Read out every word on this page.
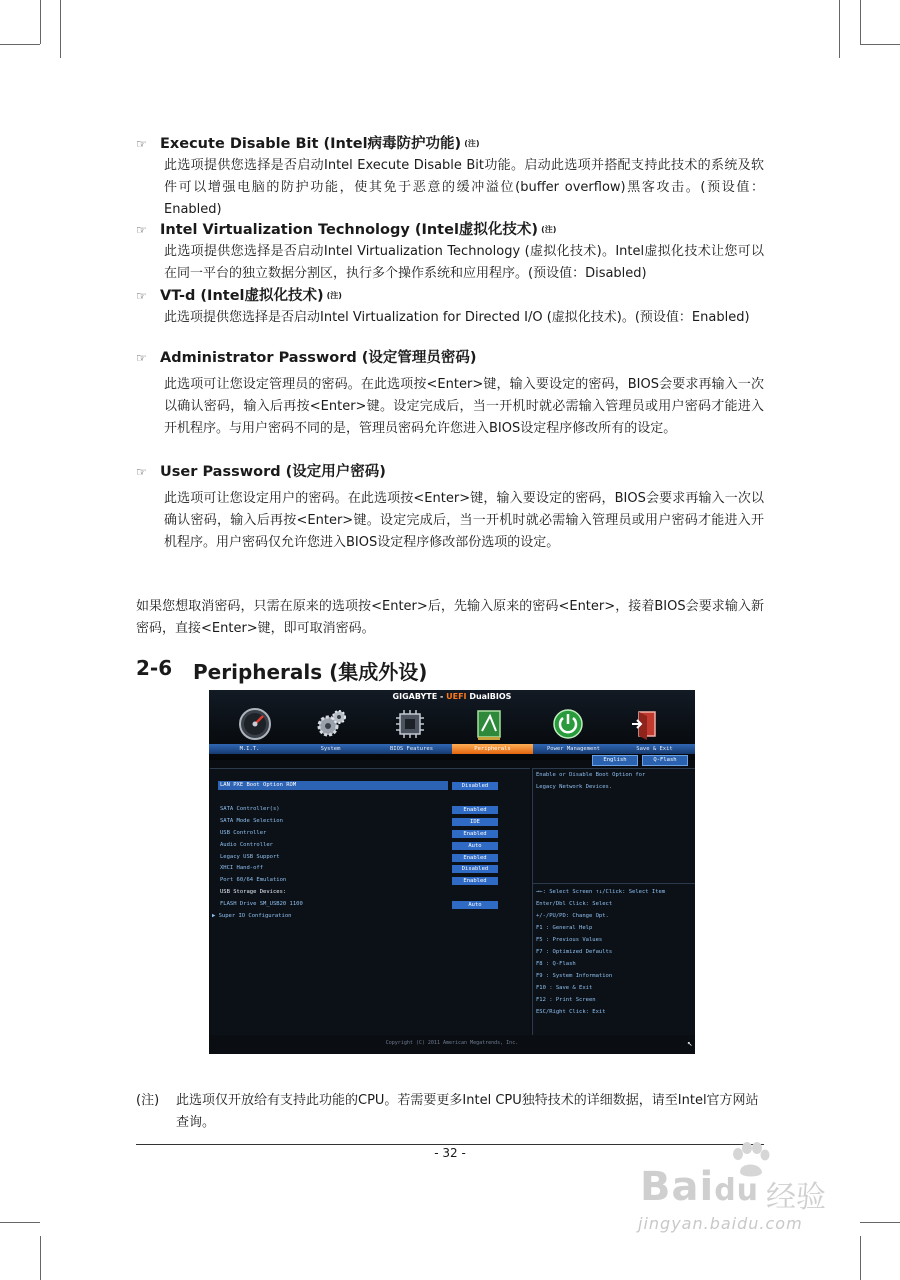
☞ Execute Disable Bit (Intel病毒防护功能) (注)
此选项提供您选择是否启动Intel Execute Disable Bit功能。启动此选项并搭配支持此技术的系统及软件可以增强电脑的防护功能，使其免于恶意的缓冲溢位(buffer overflow)黑客攻击。(预设值：Enabled)
☞ Intel Virtualization Technology (Intel虚拟化技术) (注)
此选项提供您选择是否启动Intel Virtualization Technology (虚拟化技术)。Intel虚拟化技术让您可以在同一平台的独立数据分割区，执行多个操作系统和应用程序。(预设值：Disabled)
☞ VT-d (Intel虚拟化技术) (注)
此选项提供您选择是否启动Intel Virtualization for Directed I/O (虚拟化技术)。(预设值：Enabled)
☞ Administrator Password (设定管理员密码)
此选项可让您设定管理员的密码。在此选项按<Enter>键，输入要设定的密码，BIOS会要求再输入一次以确认密码，输入后再按<Enter>键。设定完成后，当一开机时就必需输入管理员或用户密码才能进入开机程序。与用户密码不同的是，管理员密码允许您进入BIOS设定程序修改所有的设定。
☞ User Password (设定用户密码)
此选项可让您设定用户的密码。在此选项按<Enter>键，输入要设定的密码，BIOS会要求再输入一次以确认密码，输入后再按<Enter>键。设定完成后，当一开机时就必需输入管理员或用户密码才能进入开机程序。用户密码仅允许您进入BIOS设定程序修改部份选项的设定。
如果您想取消密码，只需在原来的选项按<Enter>后，先输入原来的密码<Enter>，接着BIOS会要求输入新密码，直接<Enter>键，即可取消密码。
2-6	Peripherals (集成外设)
GIGABYTE - UEFI DualBIOS
M.I.T.	System	BIOS Features	Peripherals	Power Management	Save & Exit
English	Q-Flash
LAN PXE Boot Option ROM	Disabled
SATA Controller(s)	Enabled
SATA Mode Selection	IDE
USB Controller	Enabled
Audio Controller	Auto
Legacy USB Support	Enabled
XHCI Hand-off	Disabled
Port 60/64 Emulation	Enabled
USB Storage Devices:
FLASH Drive SM_USB20 1100	Auto
▶ Super IO Configuration
Enable or Disable Boot Option for
Legacy Network Devices.
→←: Select Screen ↑↓/Click: Select Item
Enter/Dbl Click: Select
+/-/PU/PD: Change Opt.
F1 : General Help
F5 : Previous Values
F7 : Optimized Defaults
F8 : Q-Flash
F9 : System Information
F10 : Save & Exit
F12 : Print Screen
ESC/Right Click: Exit
Copyright (C) 2011 American Megatrends, Inc.	↖
(注)	此选项仅开放给有支持此功能的CPU。若需要更多Intel CPU独特技术的详细数据，请至Intel官方网站查询。
- 32 -
Baidu 经验
jingyan.baidu.com
